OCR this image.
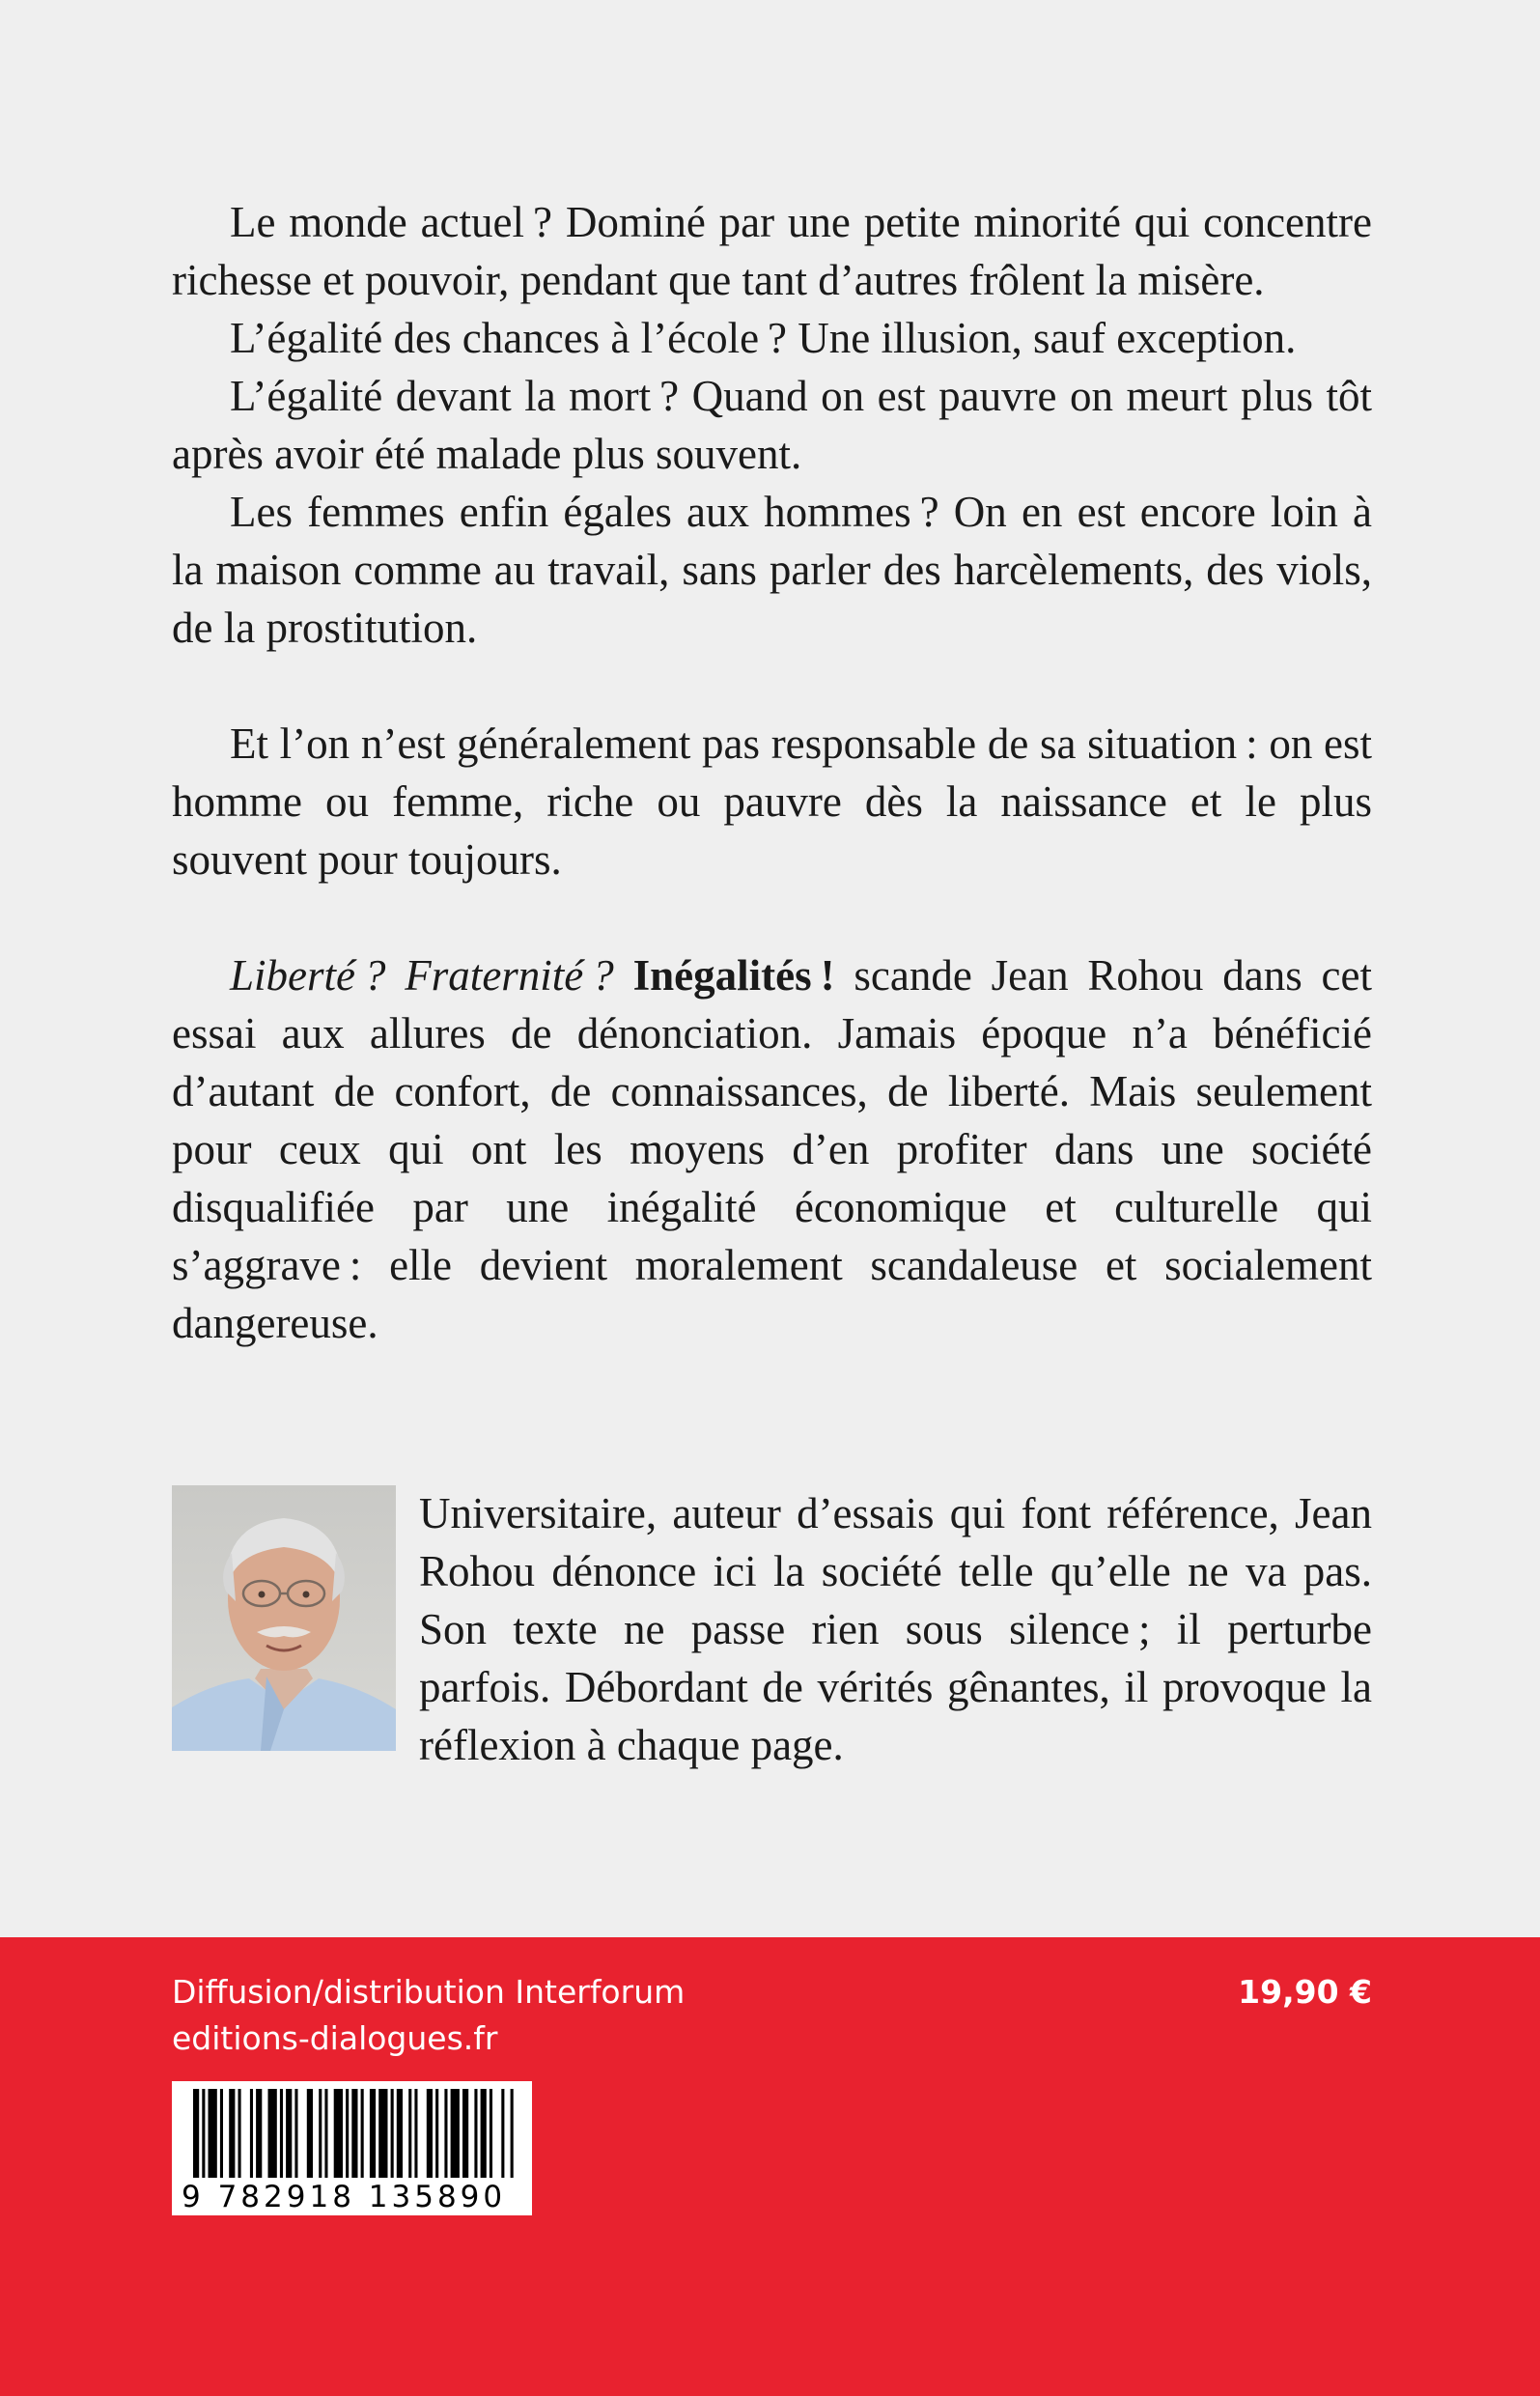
Le monde actuel ? Dominé par une petite minorité qui concentre richesse et pouvoir, pendant que tant d’autres frôlent la misère.

L’égalité des chances à l’école ? Une illusion, sauf exception.

L’égalité devant la mort ? Quand on est pauvre on meurt plus tôt après avoir été malade plus souvent.

Les femmes enfin égales aux hommes ? On en est encore loin à la maison comme au travail, sans parler des harcèlements, des viols, de la prostitution.

Et l’on n’est généralement pas responsable de sa situation : on est homme ou femme, riche ou pauvre dès la naissance et le plus souvent pour toujours.

Liberté ? Fraternité ? Inégalités ! scande Jean Rohou dans cet essai aux allures de dénonciation. Jamais époque n’a bénéficié d’autant de confort, de connaissances, de liberté. Mais seulement pour ceux qui ont les moyens d’en profiter dans une société disqualifiée par une inégalité économique et culturelle qui s’aggrave : elle devient moralement scandaleuse et socialement dangereuse.

Universitaire, auteur d’essais qui font référence, Jean Rohou dénonce ici la société telle qu’elle ne va pas. Son texte ne passe rien sous silence ; il perturbe parfois. Débordant de vérités gênantes, il provoque la réflexion à chaque page.

Diffusion/distribution Interforum
editions-dialogues.fr
19,90 €
9 782918 135890
